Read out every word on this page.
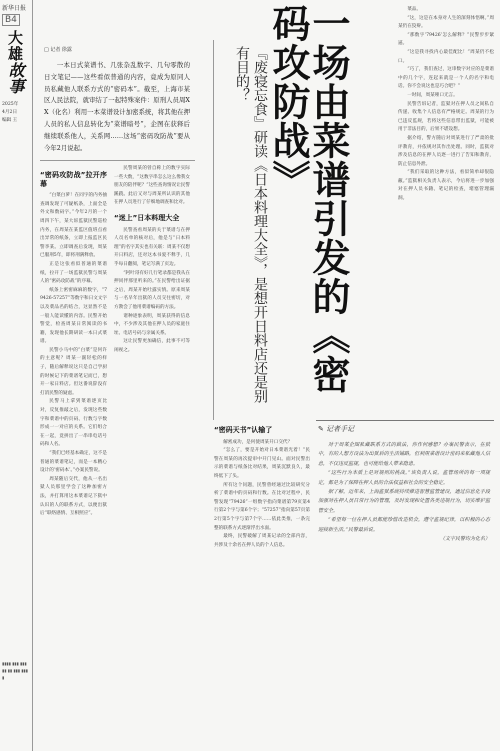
新华日报
B4
大雄
故事
2025年
4月2日
编辑 王
▮▮▮▮ ▮▮▮ ▮▮▮▮▮ ▮▮ ▮▮▮ ▮▮▮▮
□ 记者 徐露
一本日式菜谱书、几张杂乱数字、几句零散的日文笔记——这些看似普通的内容，竟成为原同人员私藏他人联系方式的“密码本”。截至，上海市某区人民法院，就审结了一起特殊案件：原刑人员周XX（化名）利用一本菜谱设计加密系统，将其他在押人员的私人信息转化为“菜谱暗号”，企图在获释后继续联系他人，关系网……这场“密码攻防战”要从今年2月说起。	一场由菜谱引发的《密码攻防战》
『废寝忘食』研读《日本料理大全》，是想开日料店还是别有目的？
“密码攻防战”拉开序幕

“白菜白萝！在同字的内务抽查调发现了可疑纸条，上面全是外文和数码字。”今年2月的一个周四下午，某大诉监狱民警巡检内务，在周某在某监区值班点看出异常的纸条，立即上报监区民警李某。立即调查后发现，周某已服刑5年，即将刑满释放。

正是这张看似普通的菜谱纸，拉开了一场监狱民警与周某人的“密码攻防战”的序幕。

纸条上密密麻麻的数字，“79426-57257”等数字和日文文字以及菜品名的结合，这显然不是一般人能读懂的内容。民警开始警觉，检查周某日常阅读的书籍，发现他长期研读一本日式菜谱。

民警小马中的“白菜”是何许的主意呢？周某一副轻松的样子，随后解释说这只是自己学厨的时候记下的菜谱笔记而已，想开一家日料店。但这番说辞没有打消民警的疑虑。

民警马上拿到菜谱逐页比对，反复推敲之后，发现这些数字和菜谱中的页码、行数与字数形成一一对应的关系。它们组合在一起，竟拼出了一串串电话号码和人名。

“我们已经基本确定，这不是普通的菜谱笔记，而是一本精心设计的‘密码本’。”办案民警说。

周某随后交代，他从一名出狱人员那里学会了这种加密方法，并打算用这本菜谱记下狱中认识的人的联系方式，以便出狱后“联络感情、互相照应”。

民警周某的曾自称上的数字实际一些大数，“这数字串怎么这么像我女朋友的陪伴呢？”这些查询情况让民警蹊跷。此后又对与周某所认识的其他在押人员进行了仔细地调查和比对。

“迷上”日本料理大全

民警查看周某的关于菜谱与在押人员名单的核对后，他是与“日本料理”的名字其实也有关联：周某不仅想开日料店，还对这本书爱不释手，几乎每日翻阅，笔记写满了页边。

“阿叶哥有好几行笔录都是我从在押同伴那里听来的。”在民警给出证据之后，周某开始吐露实情。原来周某与一名早年出狱的人员交往密切，对方教会了他用菜谱编码的方法。

诸种迹象表明，周某获得的信息中，不少涉及其他在押人员的家庭住址、电话号码与亲属关系。

这让民警更加确信，此事不可等闲视之。

“密码天书”认输了

解密成功，是何使周某开口交代？

“怎么了，要是开始对日本菜谱光着！”民警在周某的再次提审中开门见山。面对民警出示的菜谱与纸条比对结果，周某沉默良久，最终低下了头。

所有这个问题，民警曾经通过比较研究分析了菜谱中的页码和行数。在比对过程中，民警发现“79426”一组数字指向菜谱第79页第4行第2个字与第6个字；“57257”指向第57页第2行第5个字与第7个字……依此类推，一条完整的联系方式逐渐浮出水面。

最终，民警破解了周某记录的全部内容，共涉及十余名在押人员的个人信息。

菜品。

“这，这是在本身对人生的深刻体悟啊。”周某仍在狡辩。

“那数字‘79426’怎么解释？”民警步步紧逼。

“这是我寻找内心最佳配比！”周某仍不松口。

“巧了，我们查过，这串数字对应的是菜谱中的几个字，连起来就是一个人的名字和电话。你不会说这也是巧合吧？”

一时间，周某哑口无言。

民警告诉记者，监狱对在押人员之间私自传递、收集个人信息有严格规定。周某的行为已违反监规，若将这些信息带出监狱，可能被用于非法目的，后果不堪设想。

据介绍，警方随后对周某进行了严肃的批评教育，并依规对其作出处理。同时，监狱对涉及信息的在押人员逐一进行了告知和教育，防止信息外泄。

“我们采取的这种方法，看似简单却很隐蔽。”监狱相关负责人表示，今后将进一步加强对在押人员书籍、笔记的检查，堵塞管理漏洞。

✎ 记者手记

对于周某企图私藏联系方式的做法，你作何感想？办案民警表示，在狱中，有的人想方设法为出狱后的生活铺路，但利用菜谱设计密码来私藏他人信息，不仅违反监规，也可能给他人带来隐患。

“这些行为本质上是对规则的挑战。”该负责人说，监管场所的每一项规定，都是为了保障在押人员的合法权益和社会的安全稳定。

据了解，近年来，上海监狱系统持续推进智慧监管建设，通过信息化手段加强对在押人员日常行为的管理，及时发现和处置各类违规行为，切实维护监管安全。

“希望每一位在押人员都能珍惜改造机会，遵守监规纪律，以积极的心态迎接新生活。”民警最后说。

（文字民警均为化名）
